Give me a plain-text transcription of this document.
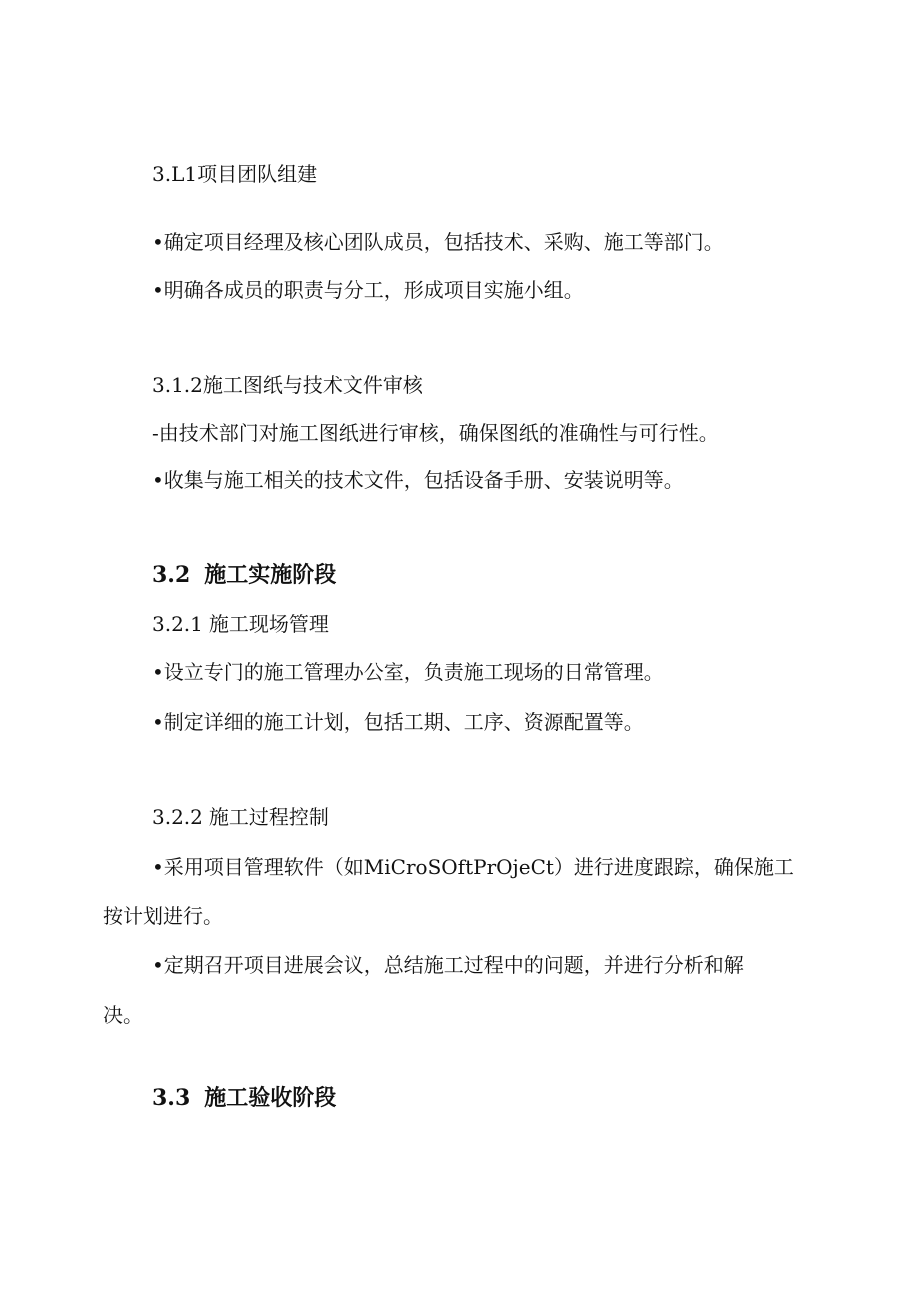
3.L1项目团队组建
•确定项目经理及核心团队成员，包括技术、采购、施工等部门。
•明确各成员的职责与分工，形成项目实施小组。
3.1.2施工图纸与技术文件审核
-由技术部门对施工图纸进行审核，确保图纸的准确性与可行性。
•收集与施工相关的技术文件，包括设备手册、安装说明等。
3.2 施工实施阶段
3.2.1 施工现场管理
•设立专门的施工管理办公室，负责施工现场的日常管理。
•制定详细的施工计划，包括工期、工序、资源配置等。
3.2.2 施工过程控制
•采用项目管理软件（如MiCroSOftPrOjeCt）进行进度跟踪，确保施工
按计划进行。
•定期召开项目进展会议，总结施工过程中的问题，并进行分析和解
决。
3.3 施工验收阶段
